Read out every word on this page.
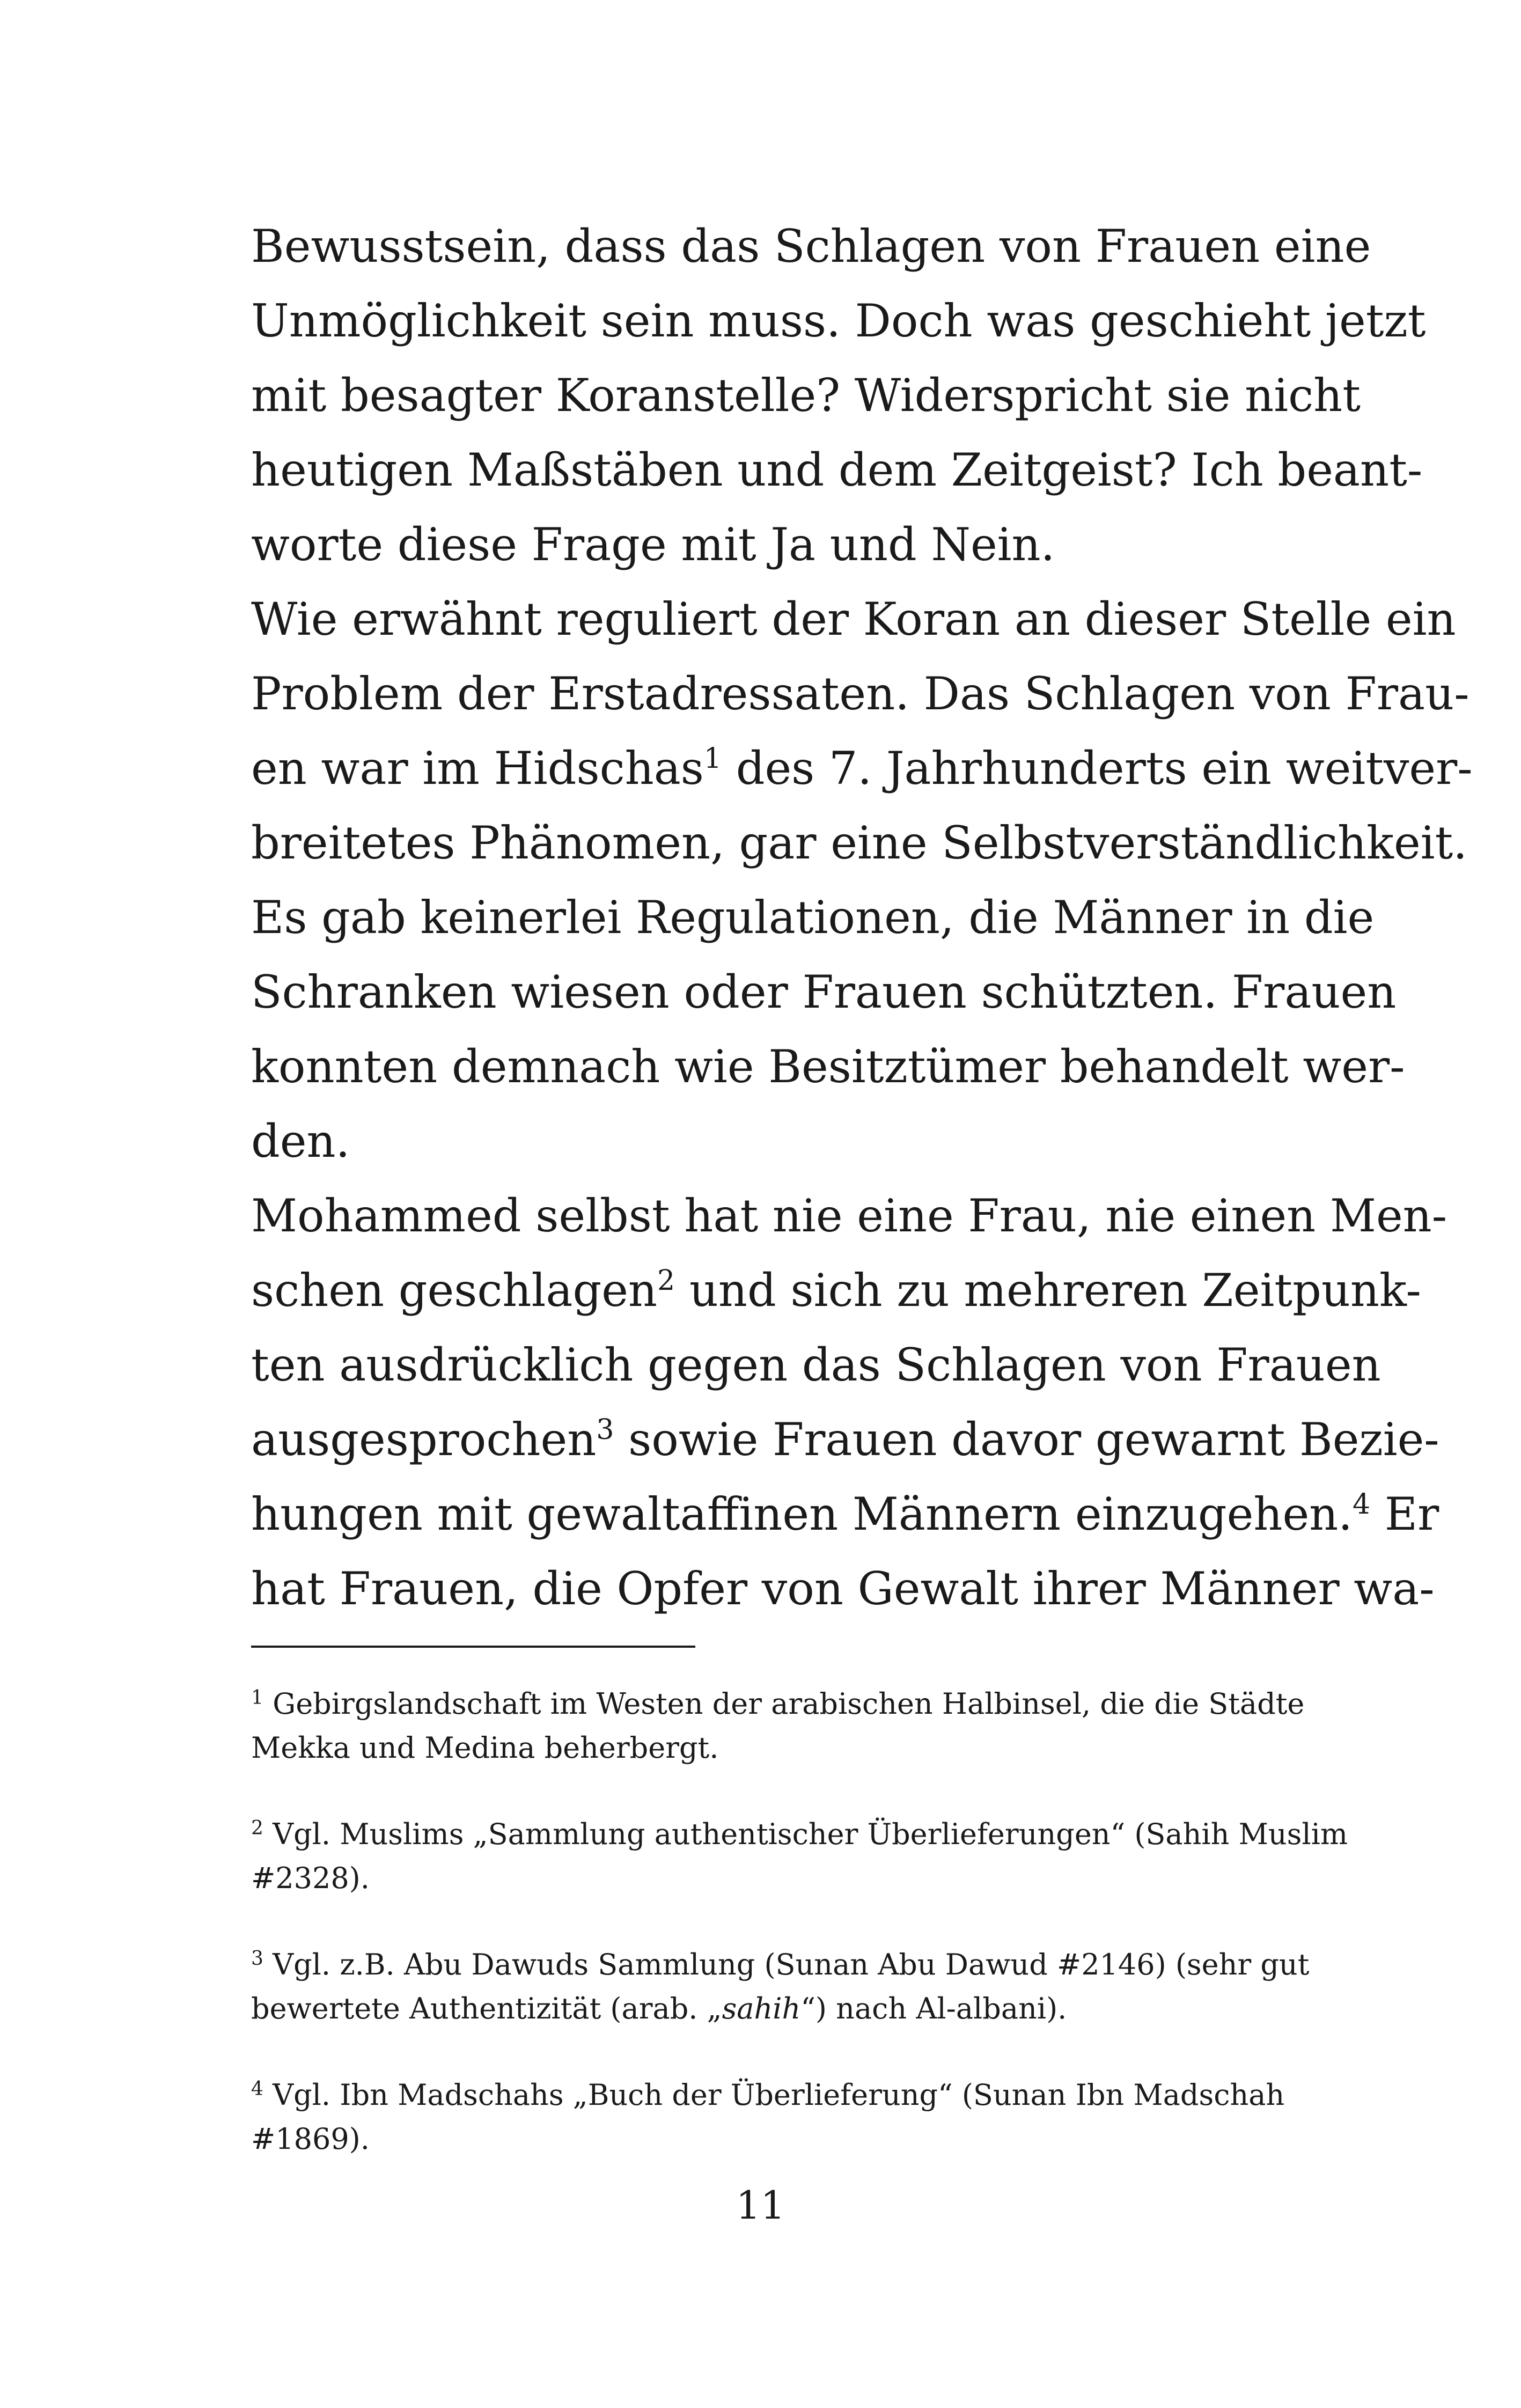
Bewusstsein, dass das Schlagen von Frauen eine
Unmöglichkeit sein muss. Doch was geschieht jetzt
mit besagter Koranstelle? Widerspricht sie nicht
heutigen Maßstäben und dem Zeitgeist? Ich beant-
worte diese Frage mit Ja und Nein.
Wie erwähnt reguliert der Koran an dieser Stelle ein
Problem der Erstadressaten. Das Schlagen von Frau-
en war im Hidschas$^1$ des 7. Jahrhunderts ein weitver-
breitetes Phänomen, gar eine Selbstverständlichkeit.
Es gab keinerlei Regulationen, die Männer in die
Schranken wiesen oder Frauen schützten. Frauen
konnten demnach wie Besitztümer behandelt wer-
den.
Mohammed selbst hat nie eine Frau, nie einen Men-
schen geschlagen$^2$ und sich zu mehreren Zeitpunk-
ten ausdrücklich gegen das Schlagen von Frauen
ausgesprochen$^3$ sowie Frauen davor gewarnt Bezie-
hungen mit gewaltaffinen Männern einzugehen.$^4$ Er
hat Frauen, die Opfer von Gewalt ihrer Männer wa-
$^1$ Gebirgslandschaft im Westen der arabischen Halbinsel, die die Städte
Mekka und Medina beherbergt.
$^2$ Vgl. Muslims „Sammlung authentischer Überlieferungen“ (Sahih Muslim
#2328).
$^3$ Vgl. z.B. Abu Dawuds Sammlung (Sunan Abu Dawud #2146) (sehr gut
bewertete Authentizität (arab. „sahih“) nach Al-albani).
$^4$ Vgl. Ibn Madschahs „Buch der Überlieferung“ (Sunan Ibn Madschah
#1869).
11
